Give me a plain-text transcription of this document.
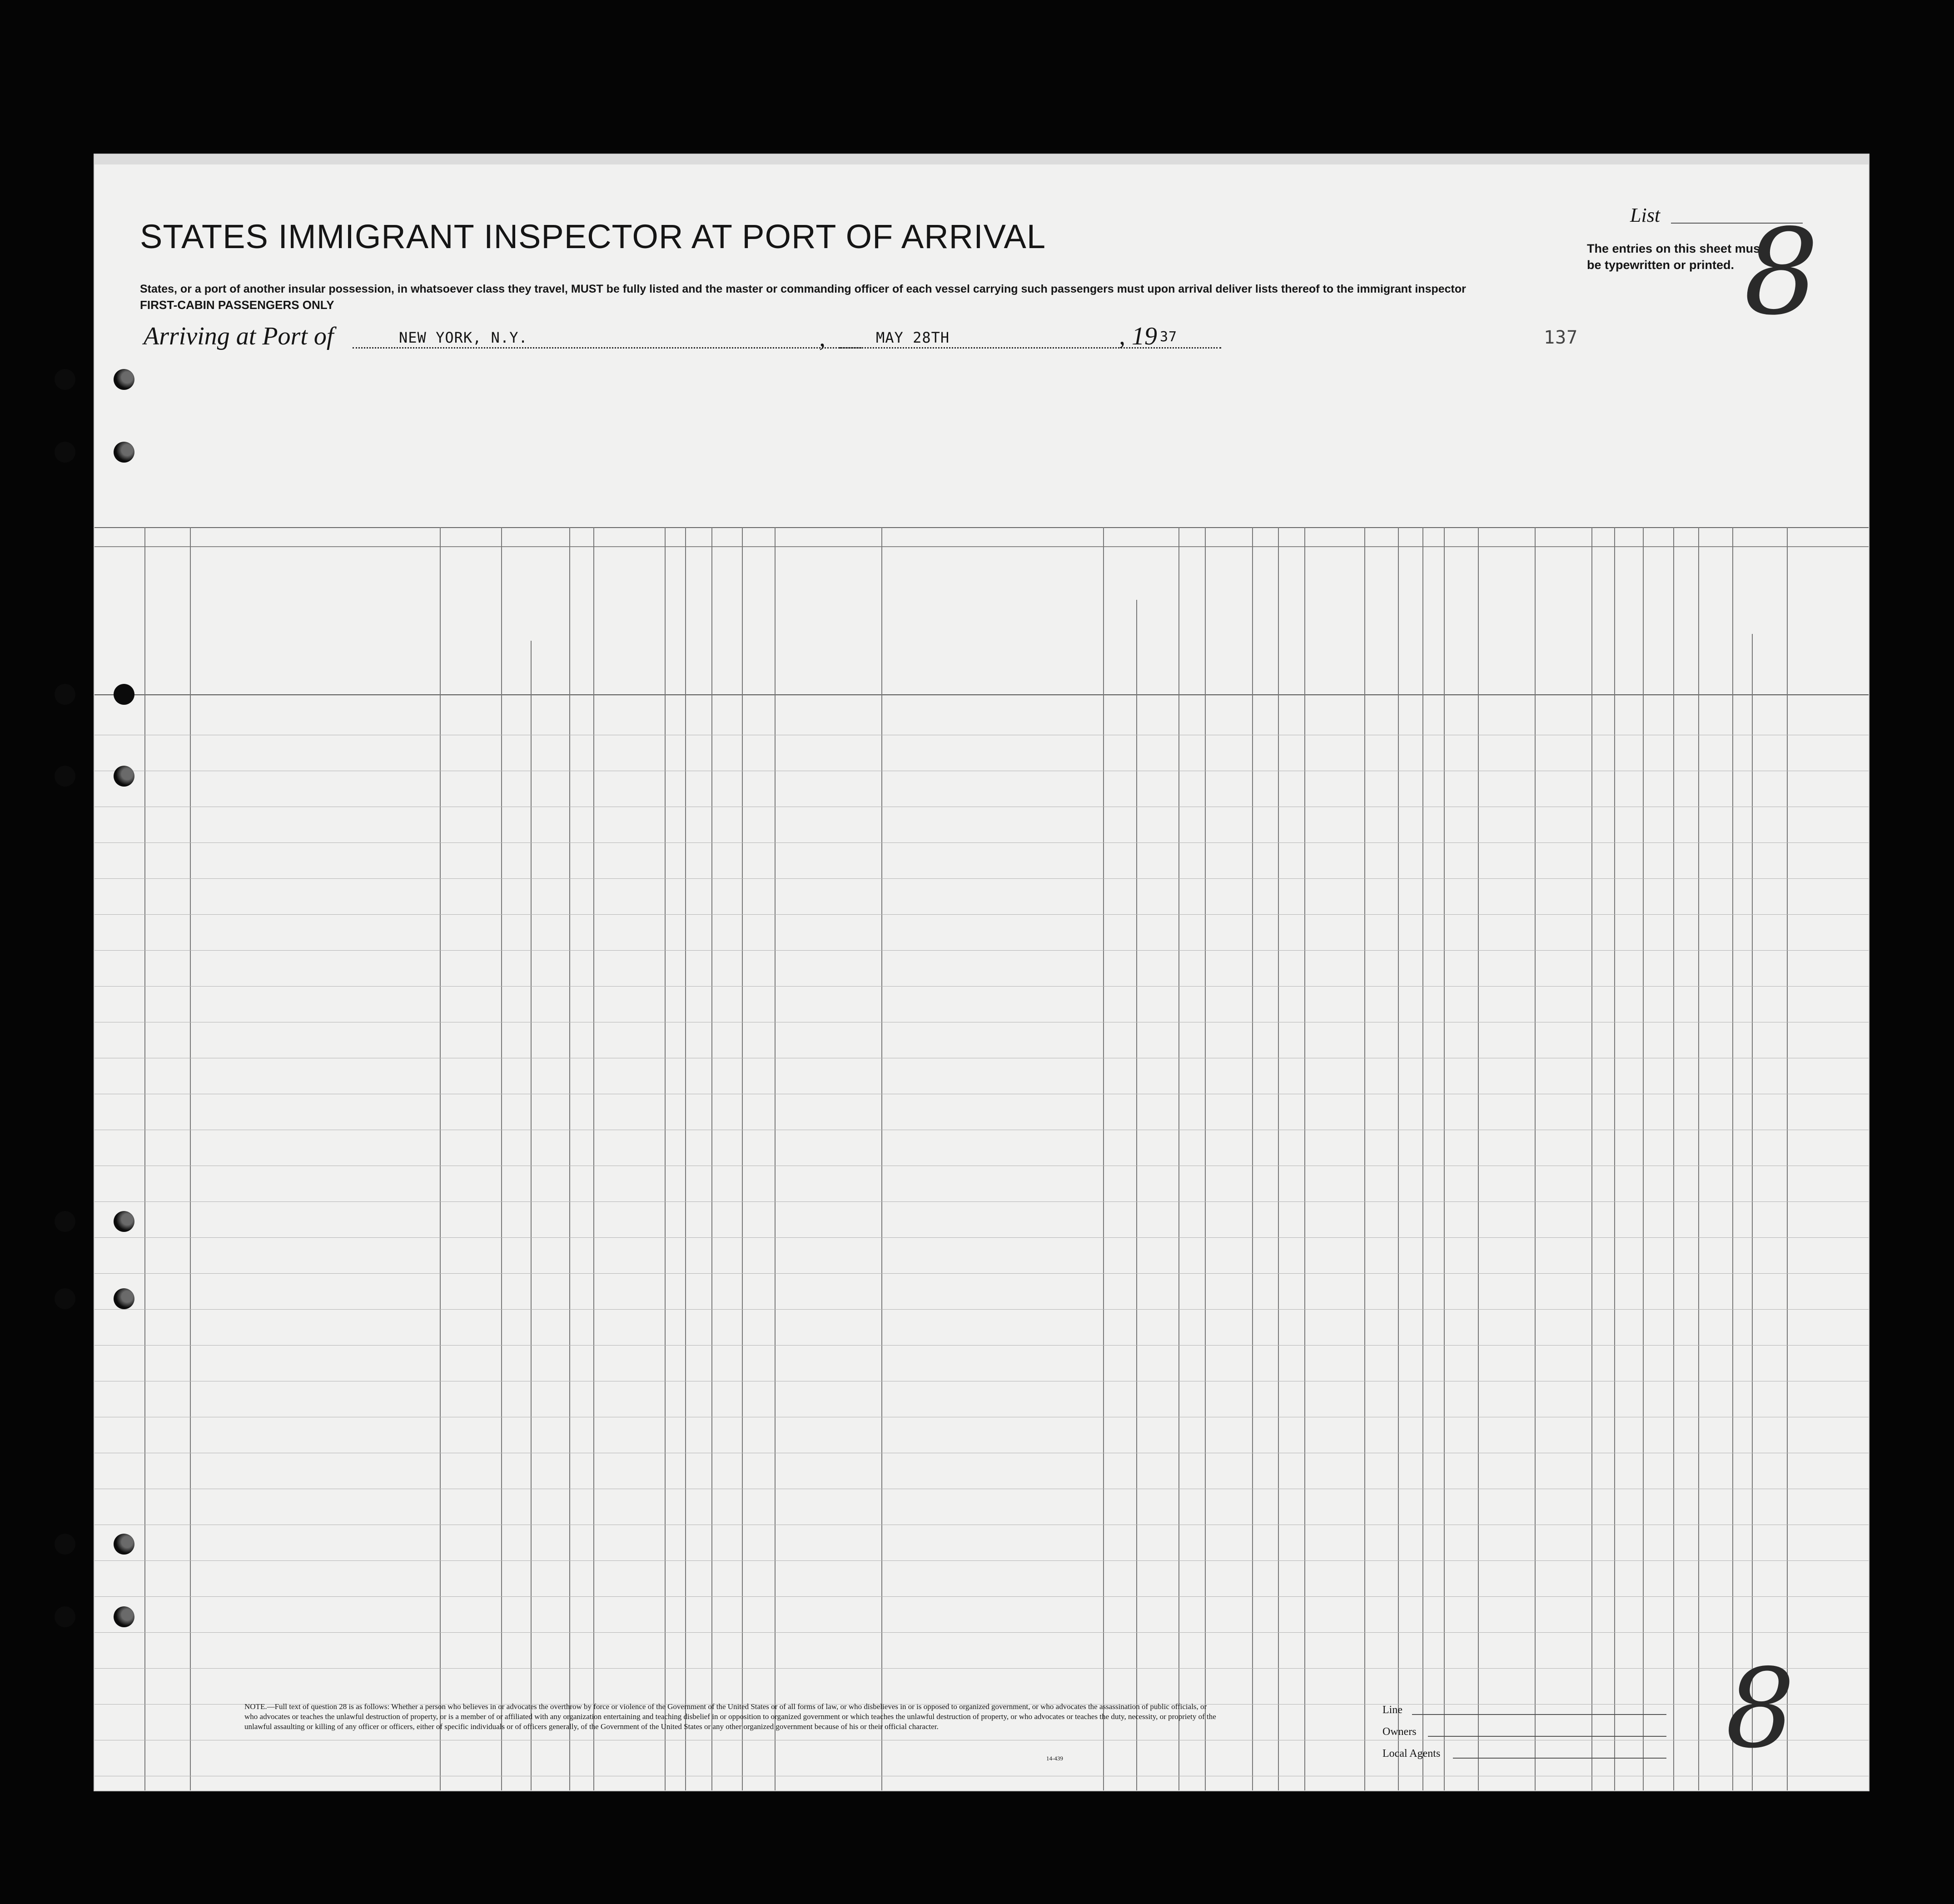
STATES IMMIGRANT INSPECTOR AT PORT OF ARRIVAL
States, or a port of another insular possession, in whatsoever class they travel, MUST be fully listed and the master or commanding officer of each vessel carrying such passengers must upon arrival deliver lists thereof to the immigrant inspector
FIRST-CABIN PASSENGERS ONLY
List
The entries on this sheet must
be typewritten or printed. 8
Arriving at Port of	NEW YORK, N.Y.	,	MAY 28TH	, 19 37	137
NOTE.—Full text of question 28 is as follows: Whether a person who believes in or advocates the overthrow by force or violence of the Government of the United States or of all forms of law, or who disbelieves in or is opposed to organized government, or who advocates the assassination of public officials, or who advocates or teaches the unlawful destruction of property, or is a member of or affiliated with any organization entertaining and teaching disbelief in or opposition to organized government or which teaches the unlawful destruction of property, or who advocates or teaches the duty, necessity, or propriety of the unlawful assaulting or killing of any officer or officers, either of specific individuals or of officers generally, of the Government of the United States or any other organized government because of his or their official character.
14-439
Line
Owners
Local Agents	8
